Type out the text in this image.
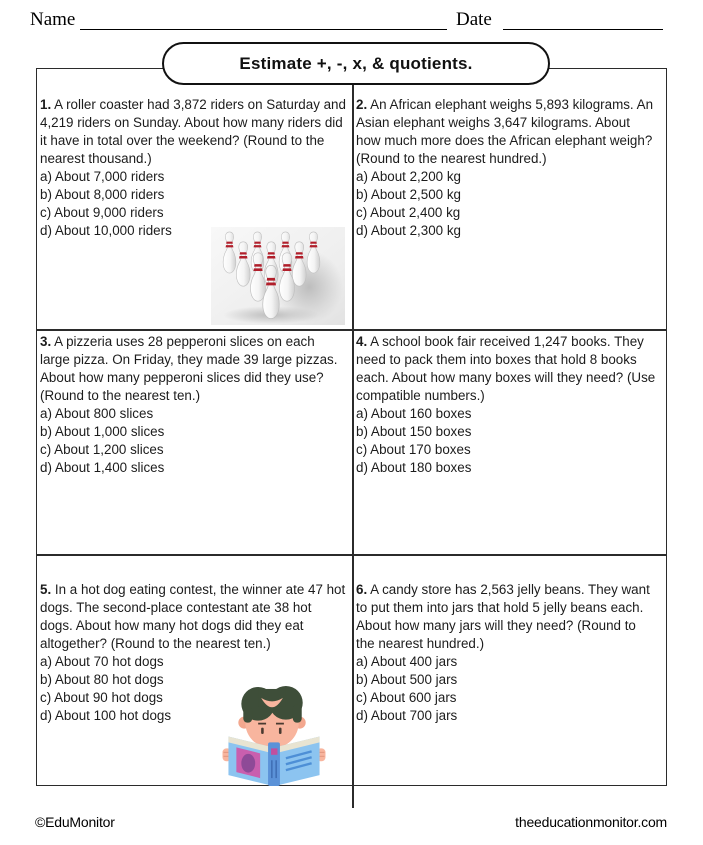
Name	Date
Estimate +, -, x, & quotients.
1. A roller coaster had 3,872 riders on Saturday and 4,219 riders on Sunday. About how many riders did it have in total over the weekend? (Round to the nearest thousand.)
a) About 7,000 riders
b) About 8,000 riders
c) About 9,000 riders
d) About 10,000 riders
2. An African elephant weighs 5,893 kilograms. An Asian elephant weighs 3,647 kilograms. About how much more does the African elephant weigh? (Round to the nearest hundred.)
a) About 2,200 kg
b) About 2,500 kg
c) About 2,400 kg
d) About 2,300 kg
3. A pizzeria uses 28 pepperoni slices on each large pizza. On Friday, they made 39 large pizzas. About how many pepperoni slices did they use? (Round to the nearest ten.)
a) About 800 slices
b) About 1,000 slices
c) About 1,200 slices
d) About 1,400 slices
4. A school book fair received 1,247 books. They need to pack them into boxes that hold 8 books each. About how many boxes will they need? (Use compatible numbers.)
a) About 160 boxes
b) About 150 boxes
c) About 170 boxes
d) About 180 boxes
5. In a hot dog eating contest, the winner ate 47 hot dogs. The second-place contestant ate 38 hot dogs. About how many hot dogs did they eat altogether? (Round to the nearest ten.)
a) About 70 hot dogs
b) About 80 hot dogs
c) About 90 hot dogs
d) About 100 hot dogs
6. A candy store has 2,563 jelly beans. They want to put them into jars that hold 5 jelly beans each. About how many jars will they need? (Round to the nearest hundred.)
a) About 400 jars
b) About 500 jars
c) About 600 jars
d) About 700 jars
©EduMonitor	theeducationmonitor.com
